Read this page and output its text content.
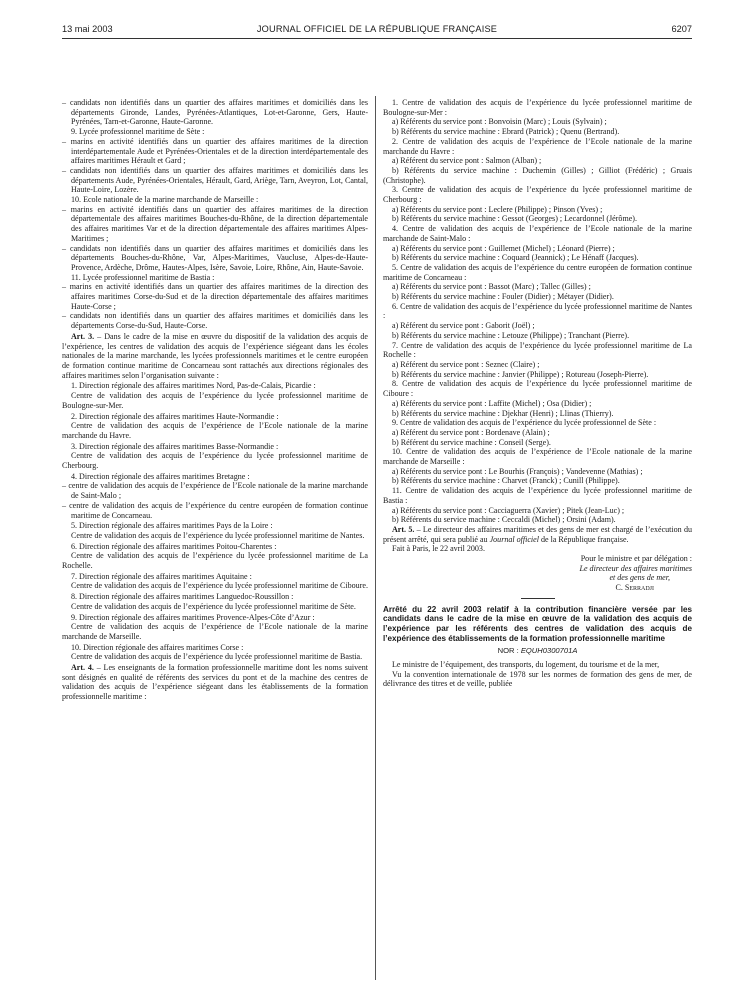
13 mai 2003	JOURNAL OFFICIEL DE LA RÉPUBLIQUE FRANÇAISE	6207

– candidats non identifiés dans un quartier des affaires maritimes et domiciliés dans les départements Gironde, Landes, Pyrénées-Atlantiques, Lot-et-Garonne, Gers, Haute-Pyrénées, Tarn-et-Garonne, Haute-Garonne.

9. Lycée professionnel maritime de Sète :

– marins en activité identifiés dans un quartier des affaires maritimes de la direction interdépartementale Aude et Pyrénées-Orientales et de la direction interdépartementale des affaires maritimes Hérault et Gard ;

– candidats non identifiés dans un quartier des affaires maritimes et domiciliés dans les départements Aude, Pyrénées-Orientales, Hérault, Gard, Ariège, Tarn, Aveyron, Lot, Cantal, Haute-Loire, Lozère.

10. Ecole nationale de la marine marchande de Marseille :

– marins en activité identifiés dans un quartier des affaires maritimes de la direction départementale des affaires maritimes Bouches-du-Rhône, de la direction départementale des affaires maritimes Var et de la direction départementale des affaires maritimes Alpes-Maritimes ;

– candidats non identifiés dans un quartier des affaires maritimes et domiciliés dans les départements Bouches-du-Rhône, Var, Alpes-Maritimes, Vaucluse, Alpes-de-Haute-Provence, Ardèche, Drôme, Hautes-Alpes, Isère, Savoie, Loire, Rhône, Ain, Haute-Savoie.

11. Lycée professionnel maritime de Bastia :

– marins en activité identifiés dans un quartier des affaires maritimes de la direction des affaires maritimes Corse-du-Sud et de la direction départementale des affaires maritimes Haute-Corse ;

– candidats non identifiés dans un quartier des affaires maritimes et domiciliés dans les départements Corse-du-Sud, Haute-Corse.

Art. 3. – Dans le cadre de la mise en œuvre du dispositif de la validation des acquis de l’expérience, les centres de validation des acquis de l’expérience siégeant dans les écoles nationales de la marine marchande, les lycées professionnels maritimes et le centre européen de formation continue maritime de Concarneau sont rattachés aux directions régionales des affaires maritimes selon l’organisation suivante :

1. Direction régionale des affaires maritimes Nord, Pas-de-Calais, Picardie :

Centre de validation des acquis de l’expérience du lycée professionnel maritime de Boulogne-sur-Mer.

2. Direction régionale des affaires maritimes Haute-Normandie :

Centre de validation des acquis de l’expérience de l’Ecole nationale de la marine marchande du Havre.

3. Direction régionale des affaires maritimes Basse-Normandie :

Centre de validation des acquis de l’expérience du lycée professionnel maritime de Cherbourg.

4. Direction régionale des affaires maritimes Bretagne :

– centre de validation des acquis de l’expérience de l’Ecole nationale de la marine marchande de Saint-Malo ;

– centre de validation des acquis de l’expérience du centre européen de formation continue maritime de Concarneau.

5. Direction régionale des affaires maritimes Pays de la Loire :

Centre de validation des acquis de l’expérience du lycée professionnel maritime de Nantes.

6. Direction régionale des affaires maritimes Poitou-Charentes :

Centre de validation des acquis de l’expérience du lycée professionnel maritime de La Rochelle.

7. Direction régionale des affaires maritimes Aquitaine :

Centre de validation des acquis de l’expérience du lycée professionnel maritime de Ciboure.

8. Direction régionale des affaires maritimes Languedoc-Roussillon :

Centre de validation des acquis de l’expérience du lycée professionnel maritime de Sète.

9. Direction régionale des affaires maritimes Provence-Alpes-Côte d’Azur :

Centre de validation des acquis de l’expérience de l’Ecole nationale de la marine marchande de Marseille.

10. Direction régionale des affaires maritimes Corse :

Centre de validation des acquis de l’expérience du lycée professionnel maritime de Bastia.

Art. 4. – Les enseignants de la formation professionnelle maritime dont les noms suivent sont désignés en qualité de référents des services du pont et de la machine des centres de validation des acquis de l’expérience siégeant dans les établissements de la formation professionnelle maritime :

1. Centre de validation des acquis de l’expérience du lycée professionnel maritime de Boulogne-sur-Mer :

a) Référents du service pont : Bonvoisin (Marc) ; Louis (Sylvain) ;

b) Référents du service machine : Ebrard (Patrick) ; Quenu (Bertrand).

2. Centre de validation des acquis de l’expérience de l’Ecole nationale de la marine marchande du Havre :

a) Référent du service pont : Salmon (Alban) ;

b) Référents du service machine : Duchemin (Gilles) ; Gilliot (Frédéric) ; Gruais (Christophe).

3. Centre de validation des acquis de l’expérience du lycée professionnel maritime de Cherbourg :

a) Référents du service pont : Leclere (Philippe) ; Pinson (Yves) ;

b) Référents du service machine : Gessot (Georges) ; Lecardonnel (Jérôme).

4. Centre de validation des acquis de l’expérience de l’Ecole nationale de la marine marchande de Saint-Malo :

a) Référents du service pont : Guillemet (Michel) ; Léonard (Pierre) ;

b) Référents du service machine : Coquard (Jeannick) ; Le Hénaff (Jacques).

5. Centre de validation des acquis de l’expérience du centre européen de formation continue maritime de Concarneau :

a) Référents du service pont : Bassot (Marc) ; Tallec (Gilles) ;

b) Référents du service machine : Fouler (Didier) ; Métayer (Didier).

6. Centre de validation des acquis de l’expérience du lycée professionnel maritime de Nantes :

a) Référent du service pont : Gaborit (Joël) ;

b) Référents du service machine : Letouze (Philippe) ; Tranchant (Pierre).

7. Centre de validation des acquis de l’expérience du lycée professionnel maritime de La Rochelle :

a) Référent du service pont : Seznec (Claire) ;

b) Référents du service machine : Janvier (Philippe) ; Rotureau (Joseph-Pierre).

8. Centre de validation des acquis de l’expérience du lycée professionnel maritime de Ciboure :

a) Référents du service pont : Laffite (Michel) ; Osa (Didier) ;

b) Référents du service machine : Djekhar (Henri) ; Llinas (Thierry).

9. Centre de validation des acquis de l’expérience du lycée professionnel de Sète :

a) Référent du service pont : Bordenave (Alain) ;

b) Référent du service machine : Conseil (Serge).

10. Centre de validation des acquis de l’expérience de l’Ecole nationale de la marine marchande de Marseille :

a) Référents du service pont : Le Bourhis (François) ; Vandevenne (Mathias) ;

b) Référents du service machine : Charvet (Franck) ; Cunill (Philippe).

11. Centre de validation des acquis de l’expérience du lycée professionnel maritime de Bastia :

a) Référents du service pont : Cacciaguerra (Xavier) ; Pitek (Jean-Luc) ;

b) Référents du service machine : Ceccaldi (Michel) ; Orsini (Adam).

Art. 5. – Le directeur des affaires maritimes et des gens de mer est chargé de l’exécution du présent arrêté, qui sera publié au Journal officiel de la République française.

Fait à Paris, le 22 avril 2003.

Pour le ministre et par délégation :

Le directeur des affaires maritimes

et des gens de mer,

C. Serradji

Arrêté du 22 avril 2003 relatif à la contribution financière versée par les candidats dans le cadre de la mise en œuvre de la validation des acquis de l’expérience par les référents des centres de validation des acquis de l’expérience des établissements de la formation professionnelle maritime

NOR : EQUH0300701A

Le ministre de l’équipement, des transports, du logement, du tourisme et de la mer,

Vu la convention internationale de 1978 sur les normes de formation des gens de mer, de délivrance des titres et de veille, publiée
